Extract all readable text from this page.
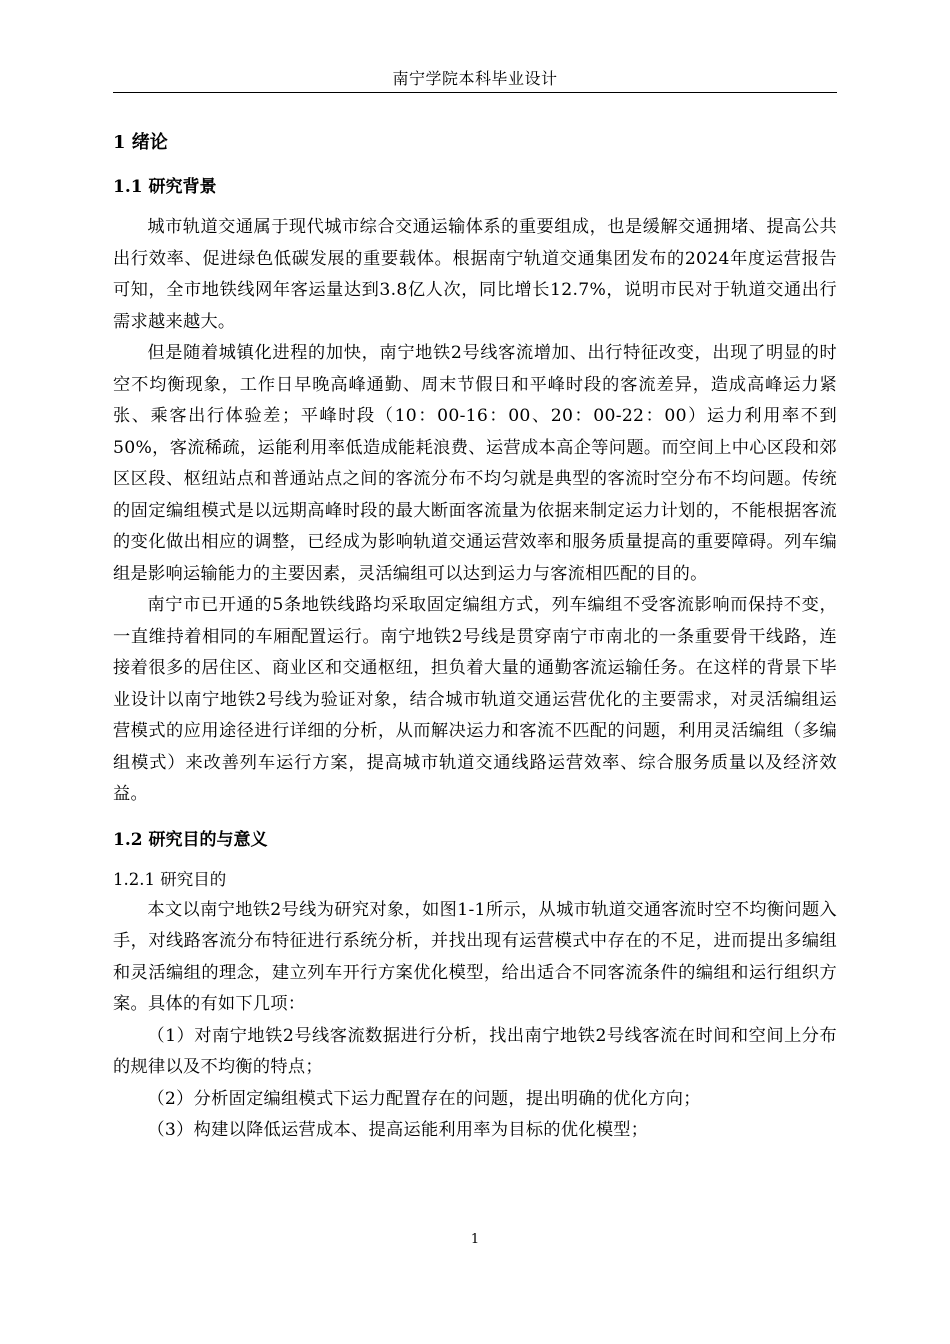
南宁学院本科毕业设计
1 绪论
1.1 研究背景

城市轨道交通属于现代城市综合交通运输体系的重要组成，也是缓解交通拥堵、提高公共出行效率、促进绿色低碳发展的重要载体。根据南宁轨道交通集团发布的2024年度运营报告可知，全市地铁线网年客运量达到3.8亿人次，同比增长12.7%，说明市民对于轨道交通出行需求越来越大。

但是随着城镇化进程的加快，南宁地铁2号线客流增加、出行特征改变，出现了明显的时空不均衡现象，工作日早晚高峰通勤、周末节假日和平峰时段的客流差异，造成高峰运力紧张、乘客出行体验差；平峰时段（10：00-16：00、20：00-22：00）运力利用率不到50%，客流稀疏，运能利用率低造成能耗浪费、运营成本高企等问题。而空间上中心区段和郊区区段、枢纽站点和普通站点之间的客流分布不均匀就是典型的客流时空分布不均问题。传统的固定编组模式是以远期高峰时段的最大断面客流量为依据来制定运力计划的，不能根据客流的变化做出相应的调整，已经成为影响轨道交通运营效率和服务质量提高的重要障碍。列车编组是影响运输能力的主要因素，灵活编组可以达到运力与客流相匹配的目的。

南宁市已开通的5条地铁线路均采取固定编组方式，列车编组不受客流影响而保持不变，一直维持着相同的车厢配置运行。南宁地铁2号线是贯穿南宁市南北的一条重要骨干线路，连接着很多的居住区、商业区和交通枢纽，担负着大量的通勤客流运输任务。在这样的背景下毕业设计以南宁地铁2号线为验证对象，结合城市轨道交通运营优化的主要需求，对灵活编组运营模式的应用途径进行详细的分析，从而解决运力和客流不匹配的问题，利用灵活编组（多编组模式）来改善列车运行方案，提高城市轨道交通线路运营效率、综合服务质量以及经济效益。

1.2 研究目的与意义
1.2.1 研究目的

本文以南宁地铁2号线为研究对象，如图1-1所示，从城市轨道交通客流时空不均衡问题入手，对线路客流分布特征进行系统分析，并找出现有运营模式中存在的不足，进而提出多编组和灵活编组的理念，建立列车开行方案优化模型，给出适合不同客流条件的编组和运行组织方案。具体的有如下几项：

（1）对南宁地铁2号线客流数据进行分析，找出南宁地铁2号线客流在时间和空间上分布的规律以及不均衡的特点；

（2）分析固定编组模式下运力配置存在的问题，提出明确的优化方向；

（3）构建以降低运营成本、提高运能利用率为目标的优化模型；

1
